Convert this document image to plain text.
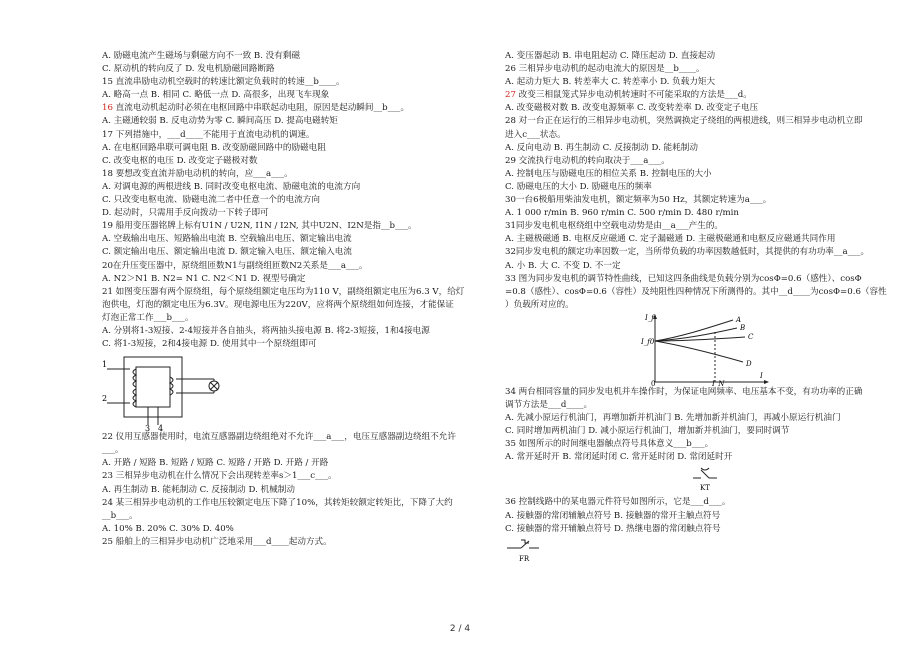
A. 励磁电流产生磁场与剩磁方向不一致 B. 没有剩磁
C. 原动机的转向反了 D. 发电机励磁回路断路
15 直流串励电动机空载时的转速比额定负载时的转速__b____。
A. 略高一点 B. 相同 C. 略低一点 D. 高很多，出现飞车现象
16 直流电动机起动时必须在电枢回路中串联起动电阻，原因是起动瞬间__b___。
A. 主磁通较弱 B. 反电动势为零 C. 瞬间高压 D. 提高电磁转矩
17 下列措施中，___d____不能用于直流电动机的调速。
A. 在电枢回路串联可调电阻 B. 改变励磁回路中的励磁电阻
C. 改变电枢的电压 D. 改变定子磁极对数
18 要想改变直流并励电动机的转向，应___a___。
A. 对调电源的两根进线 B. 同时改变电枢电流、励磁电流的电流方向
C. 只改变电枢电流、励磁电流二者中任意一个的电流方向
D. 起动时，只需用手反向拨动一下转子即可
19 船用变压器铭牌上标有U1N / U2N, I1N / I2N, 其中U2N、I2N是指__b___。
A. 空载输出电压、短路输出电流 B. 空载输出电压、额定输出电流
C. 额定输出电压、额定输出电流 D. 额定输入电压、额定输入电流
20在升压变压器中，原绕组匝数N1与副绕组匝数N2关系是___a___。
A. N2＞N1 B. N2= N1 C. N2＜N1 D. 视型号确定
21 如图变压器有两个原绕组，每个原绕组额定电压均为110 V，副绕组额定电压为6.3 V，给灯
泡供电，灯泡的额定电压为6.3V。现电源电压为220V，应将两个原绕组如何连接，才能保证
灯泡正常工作___b___。
A. 分别将1-3短接、2-4短接并各自抽头，将两抽头接电源 B. 将2-3短接，1和4接电源
C. 将1-3短接，2和4接电源 D. 使用其中一个原绕组即可
1
2
3 4
22 仪用互感器使用时，电流互感器副边绕组绝对不允许___a___，电压互感器副边绕组不允许
___。
A. 开路 / 短路 B. 短路 / 短路 C. 短路 / 开路 D. 开路 / 开路
23 三相异步电动机在什么情况下会出现转差率s＞1___c___。
A. 再生制动 B. 能耗制动 C. 反接制动 D. 机械制动
24 某三相异步电动机的工作电压较额定电压下降了10%，其转矩较额定转矩比，下降了大约
__b___。
A. 10% B. 20% C. 30% D. 40%
25 船舶上的三相异步电动机广泛地采用___d____起动方式。
A. 变压器起动 B. 串电阻起动 C. 降压起动 D. 直接起动
26 三相异步电动机的起动电流大的原因是__b____。
A. 起动力矩大 B. 转差率大 C. 转差率小 D. 负载力矩大
27 改变三相鼠笼式异步电动机转速时不可能采取的方法是___d。
A. 改变磁极对数 B. 改变电源频率 C. 改变转差率 D. 改变定子电压
28 对一台正在运行的三相异步电动机，突然调换定子绕组的两根进线，则三相异步电动机立即
进入c___状态。
A. 反向电动 B. 再生制动 C. 反接制动 D. 能耗制动
29 交流执行电动机的转向取决于___a___。
A. 控制电压与励磁电压的相位关系 B. 控制电压的大小
C. 励磁电压的大小 D. 励磁电压的频率
30一台6极船用柴油发电机，额定频率为50 Hz，其额定转速为a___。
A. 1 000 r/min B. 960 r/min C. 500 r/min D. 480 r/min
31同步发电机电枢绕组中空载电动势是由__a___产生的。
A. 主磁极磁通 B. 电枢反应磁通 C. 定子漏磁通 D. 主磁极磁通和电枢反应磁通共同作用
32同步发电机的额定功率因数一定，当所带负载的功率因数越低时，其提供的有功功率__a___。
A. 小 B. 大 C. 不变 D. 不一定
33 图为同步发电机的调节特性曲线，已知这四条曲线是负载分别为cosΦ=0.6（感性）、cosΦ
=0.8（感性）、cosΦ=0.6（容性）及纯阻性四种情况下所测得的。其中__d____为cosΦ=0.6（容性
）负载所对应的。
I_f
I_f0
0	I_N
I
A
B
C
D
34 两台相同容量的同步发电机并车操作时，为保证电网频率、电压基本不变，有功功率的正确
调节方法是___d____。
A. 先减小原运行机油门，再增加新并机油门 B. 先增加新并机油门，再减小原运行机油门
C. 同时增加两机油门 D. 减小原运行机油门，增加新并机油门，要同时调节
35 如图所示的时间继电器触点符号具体意义___b___。
A. 常开延时开 B. 常闭延时闭 C. 常开延时闭 D. 常闭延时开
KT
36 控制线路中的某电器元件符号如图所示，它是___d___。
A. 接触器的常闭辅触点符号 B. 接触器的常开主触点符号
C. 接触器的常开辅触点符号 D. 热继电器的常闭触点符号
FR
2 / 4
